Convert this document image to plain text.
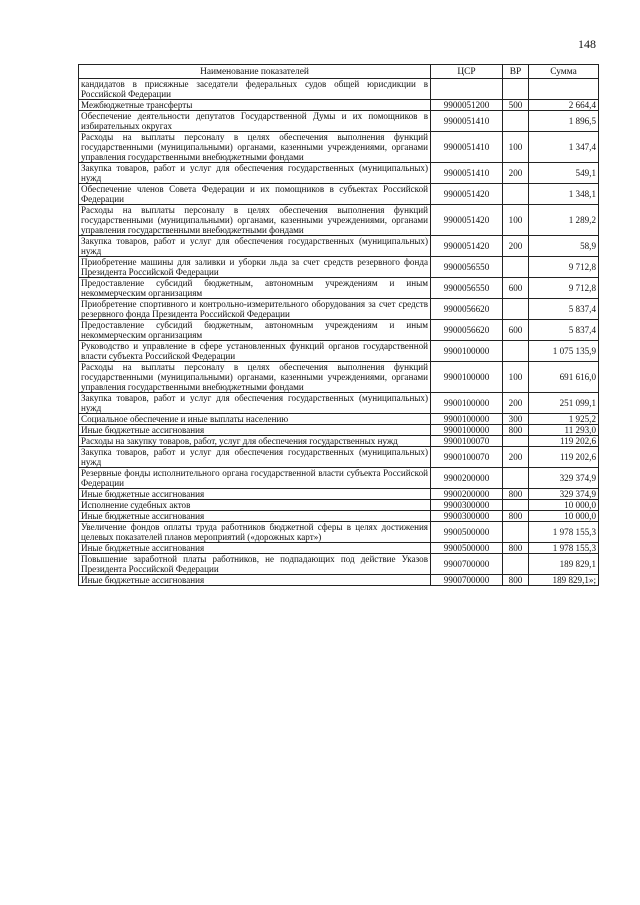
148
Наименование показателей	ЦСР	ВР	Сумма
кандидатов в присяжные заседатели федеральных судов общей юрисдикции в Российской Федерации			
Межбюджетные трансферты	9900051200	500	2 664,4
Обеспечение деятельности депутатов Государственной Думы и их помощников в избирательных округах	9900051410		1 896,5
Расходы на выплаты персоналу в целях обеспечения выполнения функций государственными (муниципальными) органами, казенными учреждениями, органами управления государственными внебюджетными фондами	9900051410	100	1 347,4
Закупка товаров, работ и услуг для обеспечения государственных (муниципальных) нужд	9900051410	200	549,1
Обеспечение членов Совета Федерации и их помощников в субъектах Российской Федерации	9900051420		1 348,1
Расходы на выплаты персоналу в целях обеспечения выполнения функций государственными (муниципальными) органами, казенными учреждениями, органами управления государственными внебюджетными фондами	9900051420	100	1 289,2
Закупка товаров, работ и услуг для обеспечения государственных (муниципальных) нужд	9900051420	200	58,9
Приобретение машины для заливки и уборки льда за счет средств резервного фонда Президента Российской Федерации	9900056550		9 712,8
Предоставление субсидий бюджетным, автономным учреждениям и иным некоммерческим организациям	9900056550	600	9 712,8
Приобретение спортивного и контрольно-измерительного оборудования за счет средств резервного фонда Президента Российской Федерации	9900056620		5 837,4
Предоставление субсидий бюджетным, автономным учреждениям и иным некоммерческим организациям	9900056620	600	5 837,4
Руководство и управление в сфере установленных функций органов государственной власти субъекта Российской Федерации	9900100000		1 075 135,9
Расходы на выплаты персоналу в целях обеспечения выполнения функций государственными (муниципальными) органами, казенными учреждениями, органами управления государственными внебюджетными фондами	9900100000	100	691 616,0
Закупка товаров, работ и услуг для обеспечения государственных (муниципальных) нужд	9900100000	200	251 099,1
Социальное обеспечение и иные выплаты населению	9900100000	300	1 925,2
Иные бюджетные ассигнования	9900100000	800	11 293,0
Расходы на закупку товаров, работ, услуг для обеспечения государственных нужд	9900100070		119 202,6
Закупка товаров, работ и услуг для обеспечения государственных (муниципальных) нужд	9900100070	200	119 202,6
Резервные фонды исполнительного органа государственной власти субъекта Российской Федерации	9900200000		329 374,9
Иные бюджетные ассигнования	9900200000	800	329 374,9
Исполнение судебных актов	9900300000		10 000,0
Иные бюджетные ассигнования	9900300000	800	10 000,0
Увеличение фондов оплаты труда работников бюджетной сферы в целях достижения целевых показателей планов мероприятий («дорожных карт»)	9900500000		1 978 155,3
Иные бюджетные ассигнования	9900500000	800	1 978 155,3
Повышение заработной платы работников, не подпадающих под действие Указов Президента Российской Федерации	9900700000		189 829,1
Иные бюджетные ассигнования	9900700000	800	189 829,1»;
